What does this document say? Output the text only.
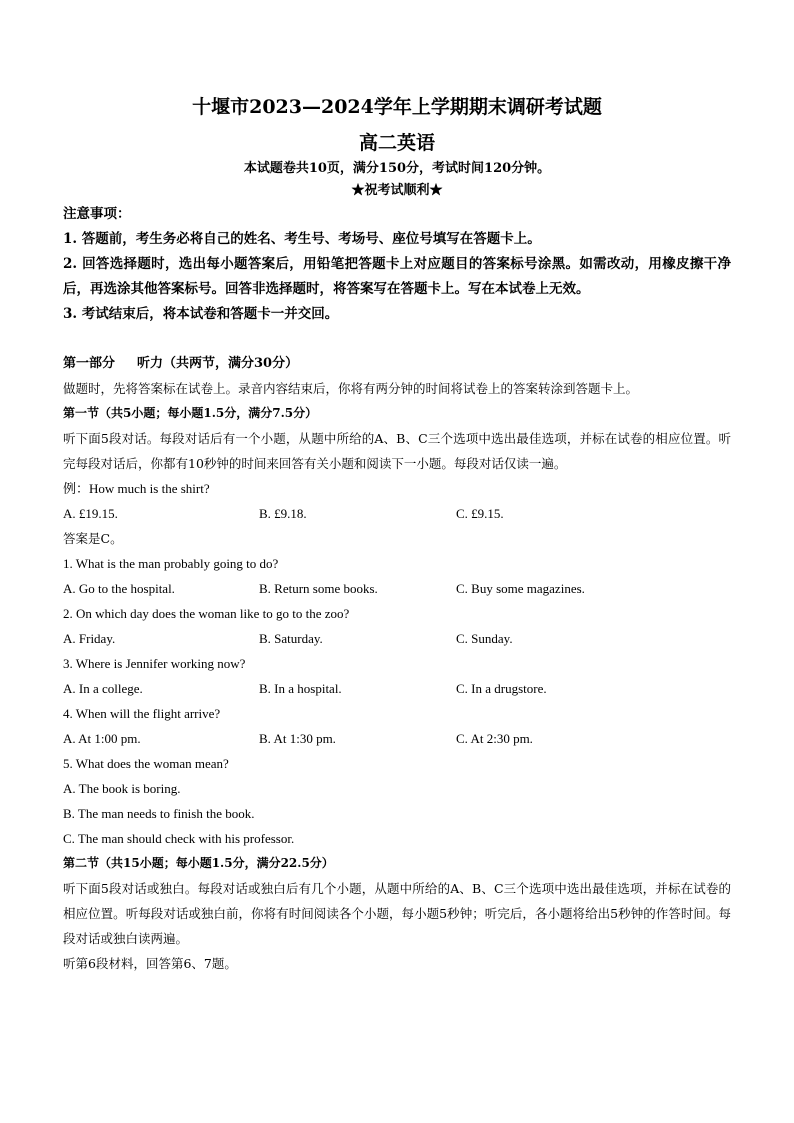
十堰市2023—2024学年上学期期末调研考试题
高二英语
本试题卷共10页，满分150分，考试时间120分钟。
★祝考试顺利★
注意事项：
1. 答题前，考生务必将自己的姓名、考生号、考场号、座位号填写在答题卡上。
2. 回答选择题时，选出每小题答案后，用铅笔把答题卡上对应题目的答案标号涂黑。如需改动，用橡皮擦干净后，再选涂其他答案标号。回答非选择题时，将答案写在答题卡上。写在本试卷上无效。
3. 考试结束后，将本试卷和答题卡一并交回。
第一部分 听力（共两节，满分30分）
做题时，先将答案标在试卷上。录音内容结束后，你将有两分钟的时间将试卷上的答案转涂到答题卡上。
第一节（共5小题；每小题1.5分，满分7.5分）
听下面5段对话。每段对话后有一个小题，从题中所给的A、B、C三个选项中选出最佳选项，并标在试卷的相应位置。听完每段对话后，你都有10秒钟的时间来回答有关小题和阅读下一小题。每段对话仅读一遍。
例：How much is the shirt?
A. £19.15.	B. £9.18.	C. £9.15.
答案是C。
1. What is the man probably going to do?
A. Go to the hospital.	B. Return some books.	C. Buy some magazines.
2. On which day does the woman like to go to the zoo?
A. Friday.	B. Saturday.	C. Sunday.
3. Where is Jennifer working now?
A. In a college.	B. In a hospital.	C. In a drugstore.
4. When will the flight arrive?
A. At 1:00 pm.	B. At 1:30 pm.	C. At 2:30 pm.
5. What does the woman mean?
A. The book is boring.
B. The man needs to finish the book.
C. The man should check with his professor.
第二节（共15小题；每小题1.5分，满分22.5分）
听下面5段对话或独白。每段对话或独白后有几个小题，从题中所给的A、B、C三个选项中选出最佳选项，并标在试卷的相应位置。听每段对话或独白前，你将有时间阅读各个小题，每小题5秒钟；听完后，各小题将给出5秒钟的作答时间。每段对话或独白读两遍。
听第6段材料，回答第6、7题。
